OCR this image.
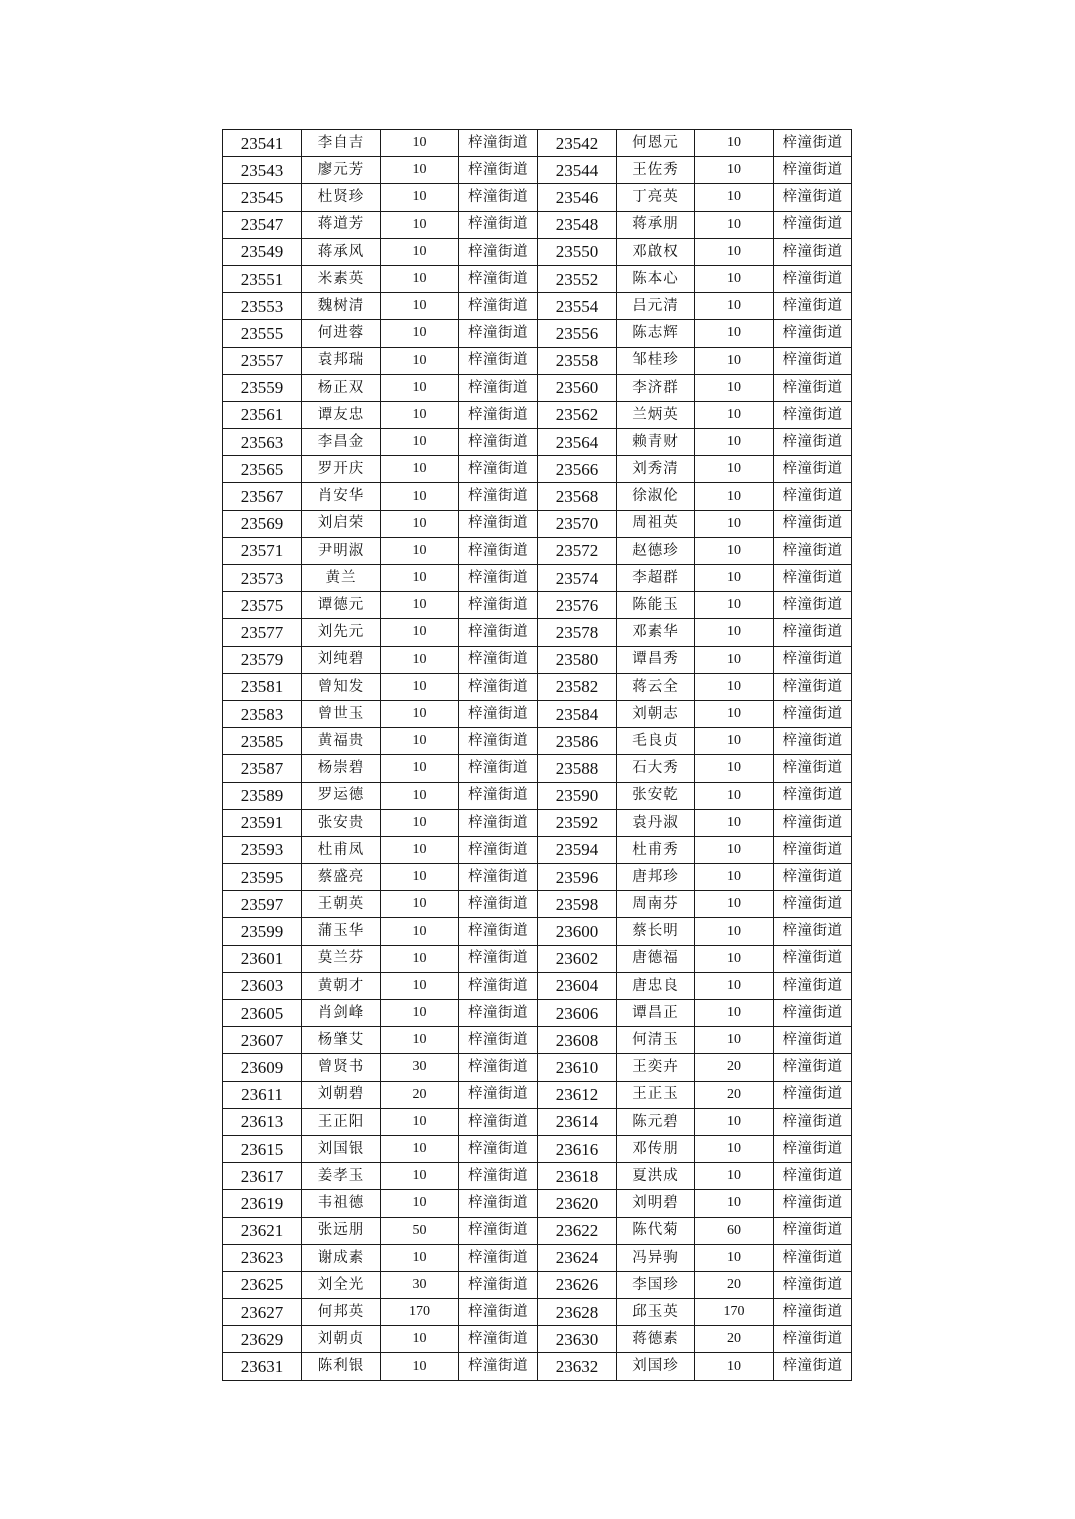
23541	李自吉	10	梓潼街道	23542	何恩元	10	梓潼街道
23543	廖元芳	10	梓潼街道	23544	王佐秀	10	梓潼街道
23545	杜贤珍	10	梓潼街道	23546	丁亮英	10	梓潼街道
23547	蒋道芳	10	梓潼街道	23548	蒋承朋	10	梓潼街道
23549	蒋承风	10	梓潼街道	23550	邓啟权	10	梓潼街道
23551	米素英	10	梓潼街道	23552	陈本心	10	梓潼街道
23553	魏树清	10	梓潼街道	23554	吕元清	10	梓潼街道
23555	何进蓉	10	梓潼街道	23556	陈志辉	10	梓潼街道
23557	袁邦瑞	10	梓潼街道	23558	邹桂珍	10	梓潼街道
23559	杨正双	10	梓潼街道	23560	李济群	10	梓潼街道
23561	谭友忠	10	梓潼街道	23562	兰炳英	10	梓潼街道
23563	李昌金	10	梓潼街道	23564	赖青财	10	梓潼街道
23565	罗开庆	10	梓潼街道	23566	刘秀清	10	梓潼街道
23567	肖安华	10	梓潼街道	23568	徐淑伦	10	梓潼街道
23569	刘启荣	10	梓潼街道	23570	周祖英	10	梓潼街道
23571	尹明淑	10	梓潼街道	23572	赵德珍	10	梓潼街道
23573	黄兰	10	梓潼街道	23574	李超群	10	梓潼街道
23575	谭德元	10	梓潼街道	23576	陈能玉	10	梓潼街道
23577	刘先元	10	梓潼街道	23578	邓素华	10	梓潼街道
23579	刘纯碧	10	梓潼街道	23580	谭昌秀	10	梓潼街道
23581	曾知发	10	梓潼街道	23582	蒋云全	10	梓潼街道
23583	曾世玉	10	梓潼街道	23584	刘朝志	10	梓潼街道
23585	黄福贵	10	梓潼街道	23586	毛良贞	10	梓潼街道
23587	杨崇碧	10	梓潼街道	23588	石大秀	10	梓潼街道
23589	罗运德	10	梓潼街道	23590	张安乾	10	梓潼街道
23591	张安贵	10	梓潼街道	23592	袁丹淑	10	梓潼街道
23593	杜甫凤	10	梓潼街道	23594	杜甫秀	10	梓潼街道
23595	蔡盛亮	10	梓潼街道	23596	唐邦珍	10	梓潼街道
23597	王朝英	10	梓潼街道	23598	周南芬	10	梓潼街道
23599	蒲玉华	10	梓潼街道	23600	蔡长明	10	梓潼街道
23601	莫兰芬	10	梓潼街道	23602	唐德福	10	梓潼街道
23603	黄朝才	10	梓潼街道	23604	唐忠良	10	梓潼街道
23605	肖剑峰	10	梓潼街道	23606	谭昌正	10	梓潼街道
23607	杨肇艾	10	梓潼街道	23608	何清玉	10	梓潼街道
23609	曾贤书	30	梓潼街道	23610	王奕卉	20	梓潼街道
23611	刘朝碧	20	梓潼街道	23612	王正玉	20	梓潼街道
23613	王正阳	10	梓潼街道	23614	陈元碧	10	梓潼街道
23615	刘国银	10	梓潼街道	23616	邓传朋	10	梓潼街道
23617	姜孝玉	10	梓潼街道	23618	夏洪成	10	梓潼街道
23619	韦祖德	10	梓潼街道	23620	刘明碧	10	梓潼街道
23621	张远朋	50	梓潼街道	23622	陈代菊	60	梓潼街道
23623	谢成素	10	梓潼街道	23624	冯异驹	10	梓潼街道
23625	刘全光	30	梓潼街道	23626	李国珍	20	梓潼街道
23627	何邦英	170	梓潼街道	23628	邱玉英	170	梓潼街道
23629	刘朝贞	10	梓潼街道	23630	蒋德素	20	梓潼街道
23631	陈利银	10	梓潼街道	23632	刘国珍	10	梓潼街道
